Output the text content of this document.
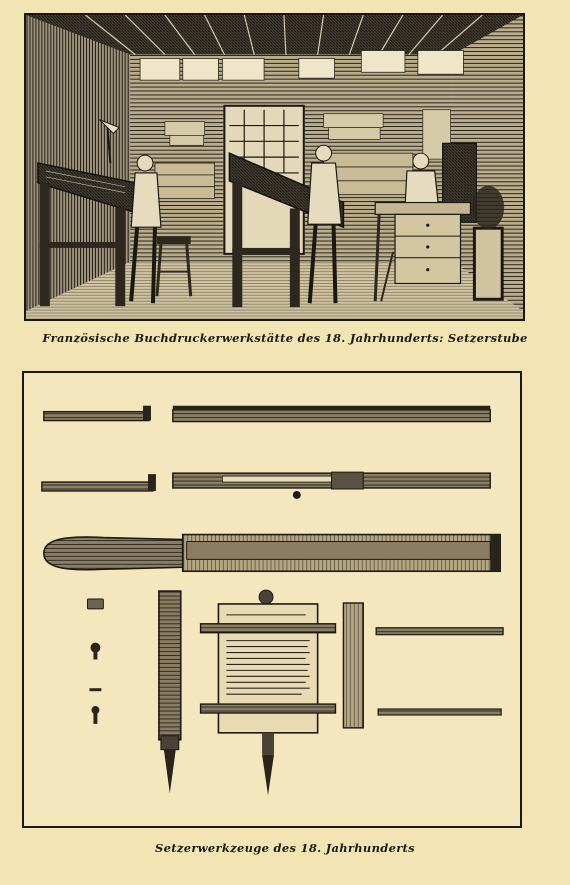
Französische Buchdruckerwerkstätte des 18. Jahrhunderts: Setzerstube
Setzerwerkzeuge des 18. Jahrhunderts
